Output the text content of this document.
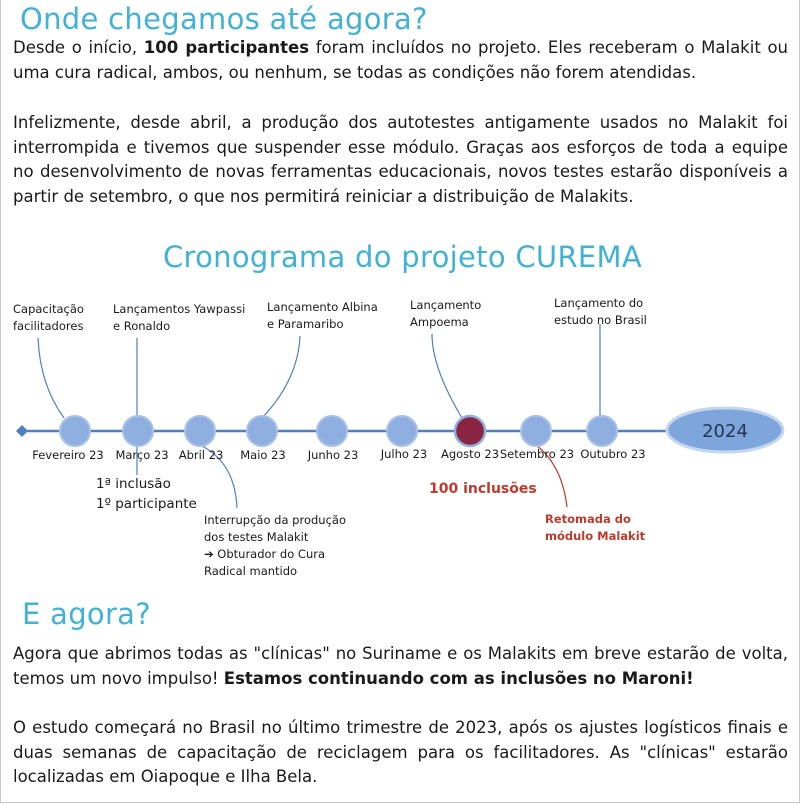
Onde chegamos até agora?

Desde o início, 100 participantes foram incluídos no projeto. Eles receberam o Malakit ou uma cura radical, ambos, ou nenhum, se todas as condições não forem atendidas.

Infelizmente, desde abril, a produção dos autotestes antigamente usados no Malakit foi interrompida e tivemos que suspender esse módulo. Graças aos esforços de toda a equipe no desenvolvimento de novas ferramentas educacionais, novos testes estarão disponíveis a partir de setembro, o que nos permitirá reiniciar a distribuição de Malakits.

Cronograma do projeto CUREMA
2024
Fevereiro 23 Março 23 Abril 23 Maio 23 Junho 23 Julho 23 Agosto 23 Setembro 23 Outubro 23
Capacitação
facilitadores
Lançamentos Yawpassi
e Ronaldo
Lançamento Albina
e Paramaribo
Lançamento
Ampoema
Lançamento do
estudo no Brasil
1ª inclusão
1º participante
100 inclusões
Interrupção da produção
dos testes Malakit
➔ Obturador do Cura
Radical mantido
Retomada do
módulo Malakit
E agora?

Agora que abrimos todas as "clínicas" no Suriname e os Malakits em breve estarão de volta, temos um novo impulso! Estamos continuando com as inclusões no Maroni!

O estudo começará no Brasil no último trimestre de 2023, após os ajustes logísticos finais e duas semanas de capacitação de reciclagem para os facilitadores. As "clínicas" estarão localizadas em Oiapoque e Ilha Bela.
